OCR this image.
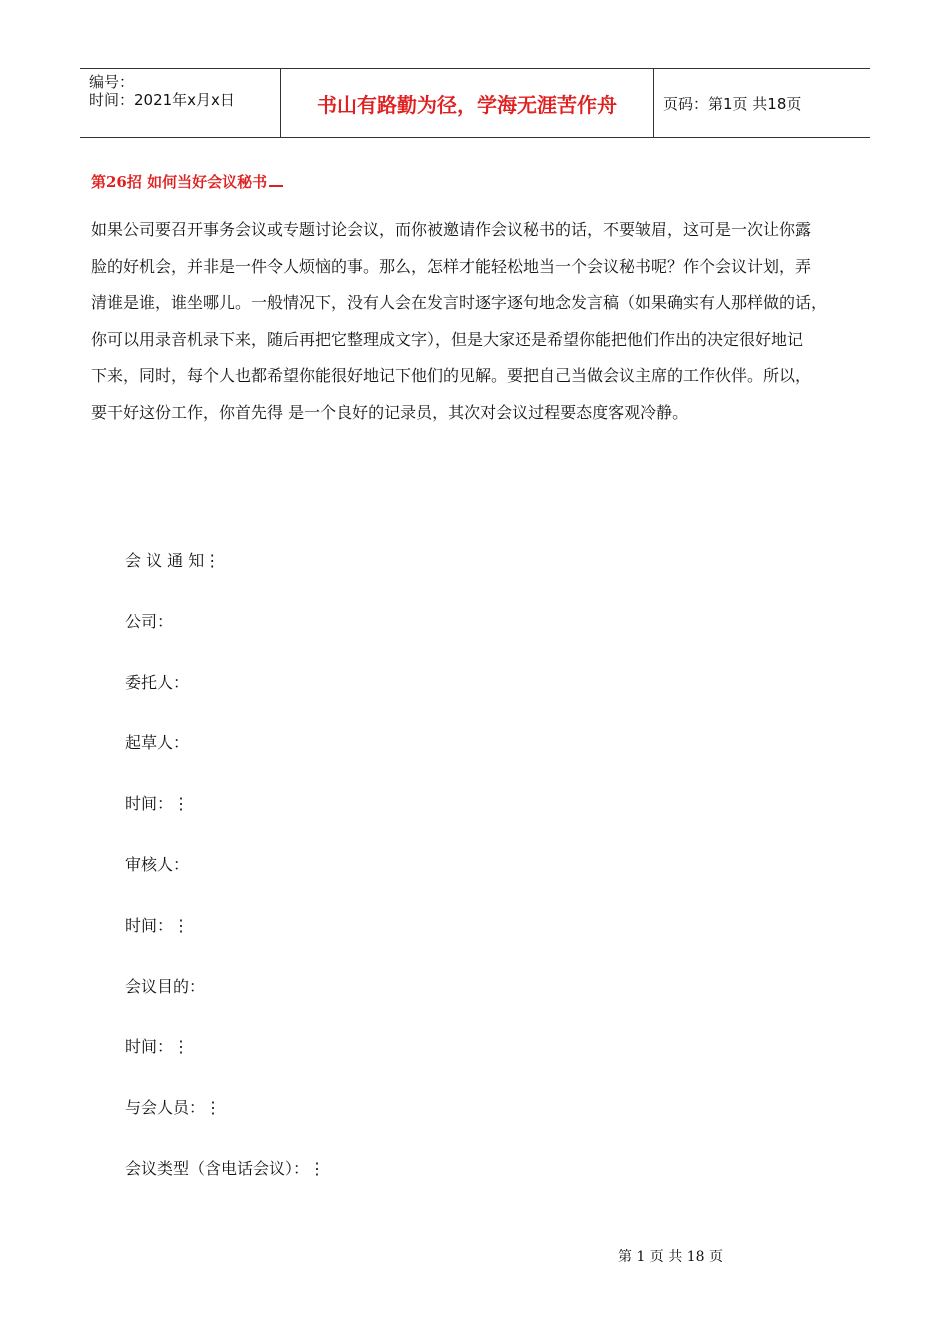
编号：
时间：2021年x月x日	书山有路勤为径，学海无涯苦作舟	页码：第1页 共18页
第26招 如何当好会议秘书
如果公司要召开事务会议或专题讨论会议，而你被邀请作会议秘书的话，不要皱眉，这可是一次让你露
脸的好机会，并非是一件令人烦恼的事。那么，怎样才能轻松地当一个会议秘书呢？作个会议计划，弄
清谁是谁，谁坐哪儿。一般情况下，没有人会在发言时逐字逐句地念发言稿（如果确实有人那样做的话，
你可以用录音机录下来，随后再把它整理成文字），但是大家还是希望你能把他们作出的决定很好地记
下来，同时，每个人也都希望你能很好地记下他们的见解。要把自己当做会议主席的工作伙伴。所以，
要干好这份工作，你首先得 是一个良好的记录员，其次对会议过程要态度客观冷静。
会 议 通 知⋮
公司：
委托人：
起草人：
时间：⋮
审核人：
时间：⋮
会议目的：
时间：⋮
与会人员：⋮
会议类型（含电话会议）：⋮
第 1 页 共 18 页
